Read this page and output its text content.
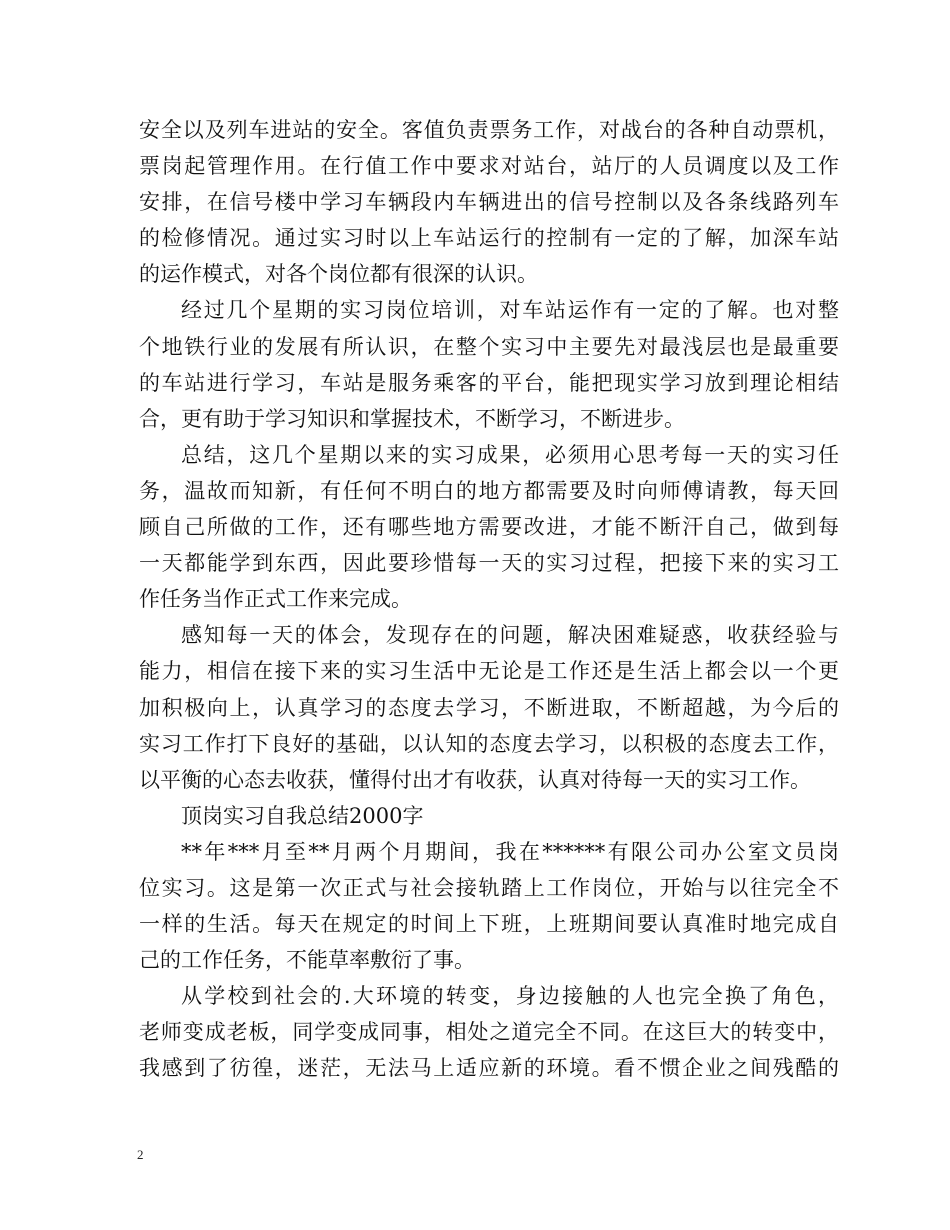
安全以及列车进站的安全。客值负责票务工作，对战台的各种自动票机，
票岗起管理作用。在行值工作中要求对站台，站厅的人员调度以及工作
安排，在信号楼中学习车辆段内车辆进出的信号控制以及各条线路列车
的检修情况。通过实习时以上车站运行的控制有一定的了解，加深车站
的运作模式，对各个岗位都有很深的认识。
经过几个星期的实习岗位培训，对车站运作有一定的了解。也对整
个地铁行业的发展有所认识，在整个实习中主要先对最浅层也是最重要
的车站进行学习，车站是服务乘客的平台，能把现实学习放到理论相结
合，更有助于学习知识和掌握技术，不断学习，不断进步。
总结，这几个星期以来的实习成果，必须用心思考每一天的实习任
务，温故而知新，有任何不明白的地方都需要及时向师傅请教，每天回
顾自己所做的工作，还有哪些地方需要改进，才能不断汗自己，做到每
一天都能学到东西，因此要珍惜每一天的实习过程，把接下来的实习工
作任务当作正式工作来完成。
感知每一天的体会，发现存在的问题，解决困难疑惑，收获经验与
能力，相信在接下来的实习生活中无论是工作还是生活上都会以一个更
加积极向上，认真学习的态度去学习，不断进取，不断超越，为今后的
实习工作打下良好的基础，以认知的态度去学习，以积极的态度去工作，
以平衡的心态去收获，懂得付出才有收获，认真对待每一天的实习工作。
顶岗实习自我总结2000字
**年***月至**月两个月期间，我在******有限公司办公室文员岗
位实习。这是第一次正式与社会接轨踏上工作岗位，开始与以往完全不
一样的生活。每天在规定的时间上下班，上班期间要认真准时地完成自
己的工作任务，不能草率敷衍了事。
从学校到社会的.大环境的转变，身边接触的人也完全换了角色，
老师变成老板，同学变成同事，相处之道完全不同。在这巨大的转变中，
我感到了彷徨，迷茫，无法马上适应新的环境。看不惯企业之间残酷的
2
